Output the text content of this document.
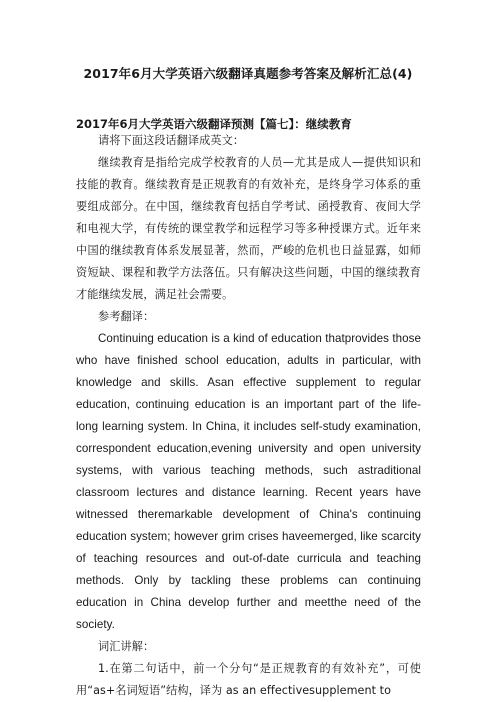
2017年6月大学英语六级翻译真题参考答案及解析汇总(4)
2017年6月大学英语六级翻译预测【篇七】：继续教育

请将下面这段话翻译成英文：

继续教育是指给完成学校教育的人员—尤其是成人—提供知识和技能的教育。继续教育是正规教育的有效补充，是终身学习体系的重要组成部分。在中国，继续教育包括自学考试、函授教育、夜间大学和电视大学，有传统的课堂教学和远程学习等多种授课方式。近年来中国的继续教育体系发展显著，然而，严峻的危机也日益显露，如师资短缺、课程和教学方法落伍。只有解决这些问题，中国的继续教育才能继续发展，满足社会需要。

参考翻译：

Continuing education is a kind of education thatprovides those who have finished school education, adults in particular, with knowledge and skills. Asan effective supplement to regular education, continuing education is an important part of the life-long learning system. In China, it includes self-study examination, correspondent education,evening university and open university systems, with various teaching methods, such astraditional classroom lectures and distance learning. Recent years have witnessed theremarkable development of China's continuing education system; however grim crises haveemerged, like scarcity of teaching resources and out-of-date curricula and teaching methods. Only by tackling these problems can continuing education in China develop further and meetthe need of the society.

词汇讲解：

1.在第二句话中，前一个分句“是正规教育的有效补充”，可使用“as+名词短语”结构，译为 as an effectivesupplement to
